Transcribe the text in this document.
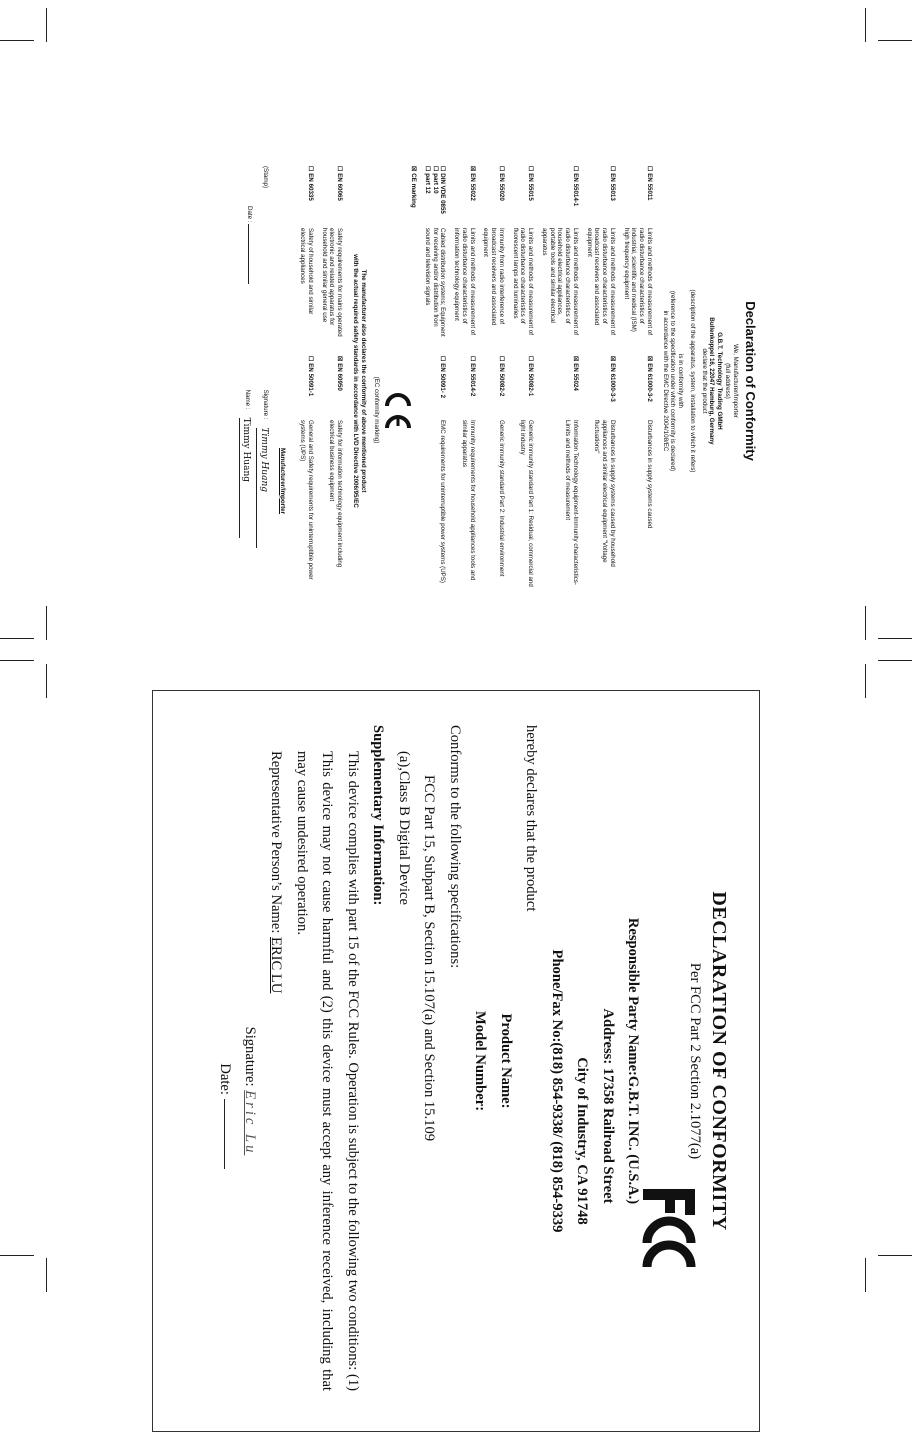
Declaration of Conformity

We, Manufacturer/Importer

(full address)

G.B.T. Technology Trading GMbH

Bullenkoppel 16, 22047 Hamburg, Germany

declare that the product

(description of the apparatus, system, installation to which it refers)

is in conformity with

(reference to the specification under which conformity is declared)

in accordance with the EMC Directive 2004/108/EC

☐ EN 55011	Limits and methods of measurement of radio disturbance characteristics of industrial, scientific and medical (ISM) high frequency equipment	☒ EN 61000-3-2	Disturbances in supply systems caused
☐ EN 55013	Limits and methods of measurement of radio disturbance characteristics of broadcast receivers and associated equipment	☒ EN 61000-3-3	Disturbances in supply systems caused by household appliances and similar electrical equipment "Voltage fluctuations"
☐ EN 55014-1	Limits and methods of measurement of radio disturbance characteristics of household electrical appliances, portable tools and similar electrical apparatus	☒ EN 55024	Information Technology equipment-Immunity characteristics-Limits and methods of measurement
☐ EN 55015	Limits and methods of measurement of radio disturbance characteristics of fluorescent lamps and luminaries	☐ EN 50082-1	Generic immunity standard Part 1: Residual, commercial and light industry
☐ EN 55020	Immunity from radio interference of broadcast receivers and associated equipment	☐ EN 50082-2	Generic immunity standard Part 2: Industrial environment
☒ EN 55022	Limits and methods of measurement of radio disturbance characteristics of information technology equipment	☐ EN 55014-2	Immunity requirements for household appliances tools and similar apparatus
☐ DIN VDE 0855
☐ part 10
☐ part 12	Cabled distribution systems; Equipment for receiving and/or distribution from sound and television signals	☐ EN 50091- 2	EMC requirements for uninterruptible power systems (UPS)
☒ CE marking	(EC conformity marking)		

The manufacturer also declares the conformity of above mentioned product

with the actual required safety standards in accordance with LVD Directive 2006/95/EC

☐ EN 60065	Safety requirements for mains operated electronic and related apparatus for household and similar general use	☒ EN 60950	Safety for information technology equipment including electrical business equipment
☐ EN 60335	Safety of household and similar electrical appliances	☐ EN 50091-1	General and Safety requirements for uninterruptible power systems (UPS)
Manufacturer/Importer
(Stamp)
Date :
Signature :
Timmy Huang
Name :
Timmy Huang
DECLARATION OF CONFORMITY
Per FCC Part 2 Section 2.1077(a)
Responsible Party Name:G.B.T. INC. (U.S.A.)
Address: 17358 Railroad Street
City of Industry, CA 91748
Phone/Fax No:(818) 854-9338/ (818) 854-9339
hereby declares that the product
Product Name:
Model Number:
Conforms to the following specifications:
FCC Part 15, Subpart B, Section 15.107(a) and Section 15.109
(a),Class B Digital Device
Supplementary Information:
This device complies with part 15 of the FCC Rules. Operation is subject to the following two conditions: (1) This device may not cause harmful and (2) this device must accept any inference received, including that may cause undesired operation.
Representative Person’s Name: ERIC LU
Signature: Eric Lu
Date:
